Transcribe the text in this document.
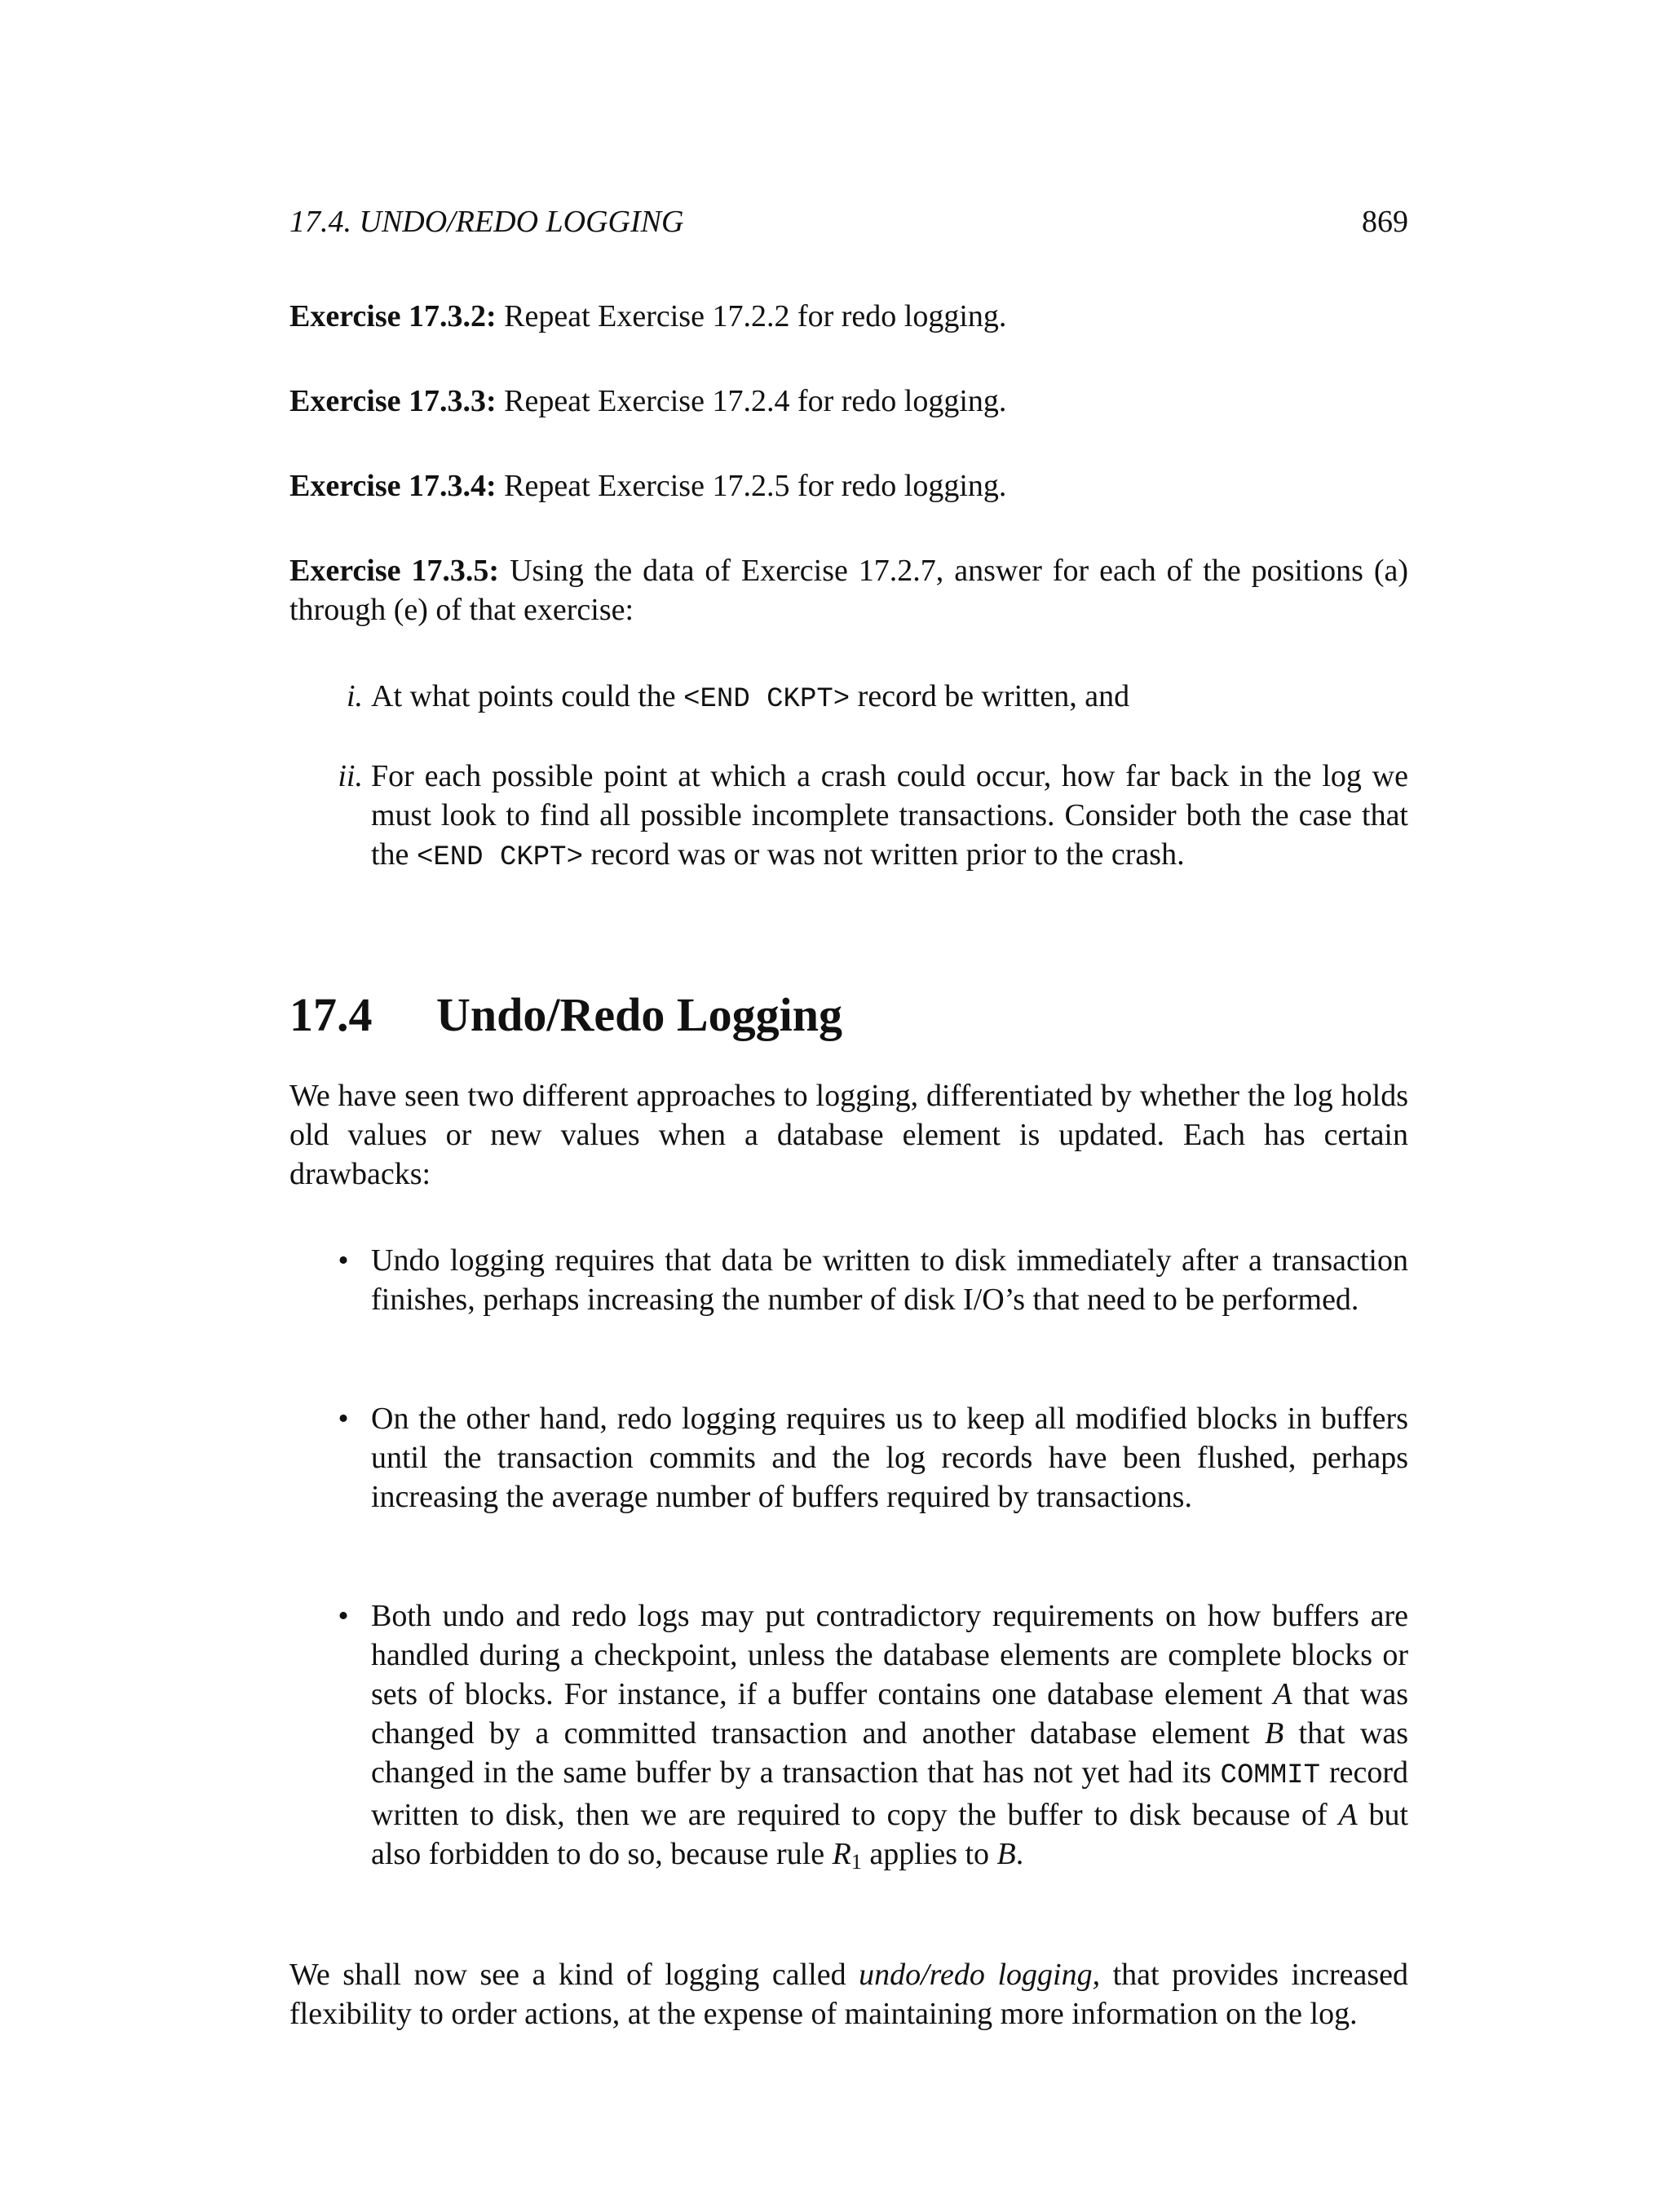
17.4. UNDO/REDO LOGGING	869
Exercise 17.3.2: Repeat Exercise 17.2.2 for redo logging.
Exercise 17.3.3: Repeat Exercise 17.2.4 for redo logging.
Exercise 17.3.4: Repeat Exercise 17.2.5 for redo logging.
Exercise 17.3.5: Using the data of Exercise 17.2.7, answer for each of the positions (a) through (e) of that exercise:
i. At what points could the <END CKPT> record be written, and
ii. For each possible point at which a crash could occur, how far back in the log we must look to find all possible incomplete transactions. Consider both the case that the <END CKPT> record was or was not written prior to the crash.
17.4 Undo/Redo Logging
We have seen two different approaches to logging, differentiated by whether the log holds old values or new values when a database element is updated. Each has certain drawbacks:
• Undo logging requires that data be written to disk immediately after a transaction finishes, perhaps increasing the number of disk I/O’s that need to be performed.
• On the other hand, redo logging requires us to keep all modified blocks in buffers until the transaction commits and the log records have been flushed, perhaps increasing the average number of buffers required by transactions.
• Both undo and redo logs may put contradictory requirements on how buffers are handled during a checkpoint, unless the database elements are complete blocks or sets of blocks. For instance, if a buffer contains one database element A that was changed by a committed transaction and another database element B that was changed in the same buffer by a transaction that has not yet had its COMMIT record written to disk, then we are required to copy the buffer to disk because of A but also forbidden to do so, because rule $R_1$ applies to B.
We shall now see a kind of logging called undo/redo logging, that provides increased flexibility to order actions, at the expense of maintaining more information on the log.
